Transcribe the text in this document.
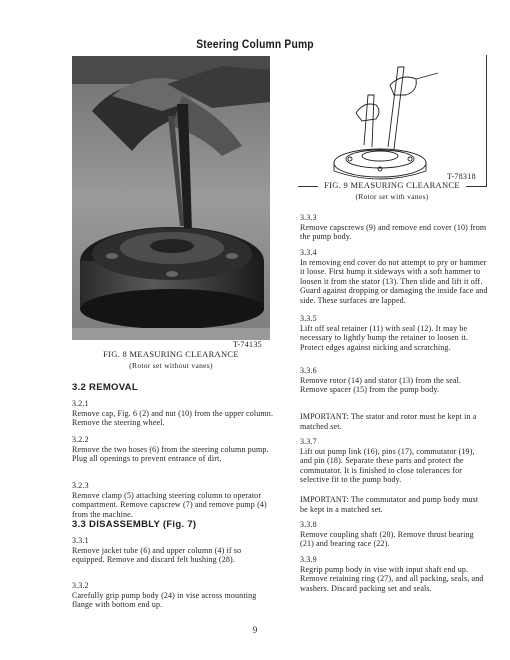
Steering Column Pump
T-74135
FIG. 8 MEASURING CLEARANCE
(Rotor set without vanes)
T-78318
FIG. 9 MEASURING CLEARANCE
(Rotor set with vanes)
3.2 REMOVAL
3.2.1
Remove cap, Fig. 6 (2) and nut (10) from the upper column. Remove the steering wheel.
3.2.2
Remove the two hoses (6) from the steering column pump. Plug all openings to prevent entrance of dirt.
3.2.3
Remove clamp (5) attaching steering column to operator compartment. Remove capscrew (7) and remove pump (4) from the machine.
3.3 DISASSEMBLY (Fig. 7)
3.3.1
Remove jacket tube (6) and upper column (4) if so equipped. Remove and discard felt bushing (28).
3.3.2
Carefully grip pump body (24) in vise across mounting flange with bottom end up.
3.3.3
Remove capscrews (9) and remove end cover (10) from the pump body.
3.3.4
In removing end cover do not attempt to pry or hammer it loose. First bump it sideways with a soft hammer to loosen it from the stator (13). Then slide and lift it off. Guard against dropping or damaging the inside face and side. These surfaces are lapped.
3.3.5
Lift off seal retainer (11) with seal (12). It may be necessary to lightly bump the retainer to loosen it. Protect edges against nicking and scratching.
3.3.6
Remove rotor (14) and stator (13) from the seal. Remove spacer (15) from the pump body.
IMPORTANT: The stator and rotor must be kept in a matched set.
3.3.7
Lift out pump link (16), pins (17), commutator (19), and pin (18). Separate these parts and protect the commutator. It is finished to close tolerances for selective fit to the pump body.
IMPORTANT: The commutator and pump body must be kept in a matched set.
3.3.8
Remove coupling shaft (20). Remove thrust bearing (21) and bearing race (22).
3.3.9
Regrip pump body in vise with input shaft end up. Remove retaining ring (27), and all packing, seals, and washers. Discard packing set and seals.
9
